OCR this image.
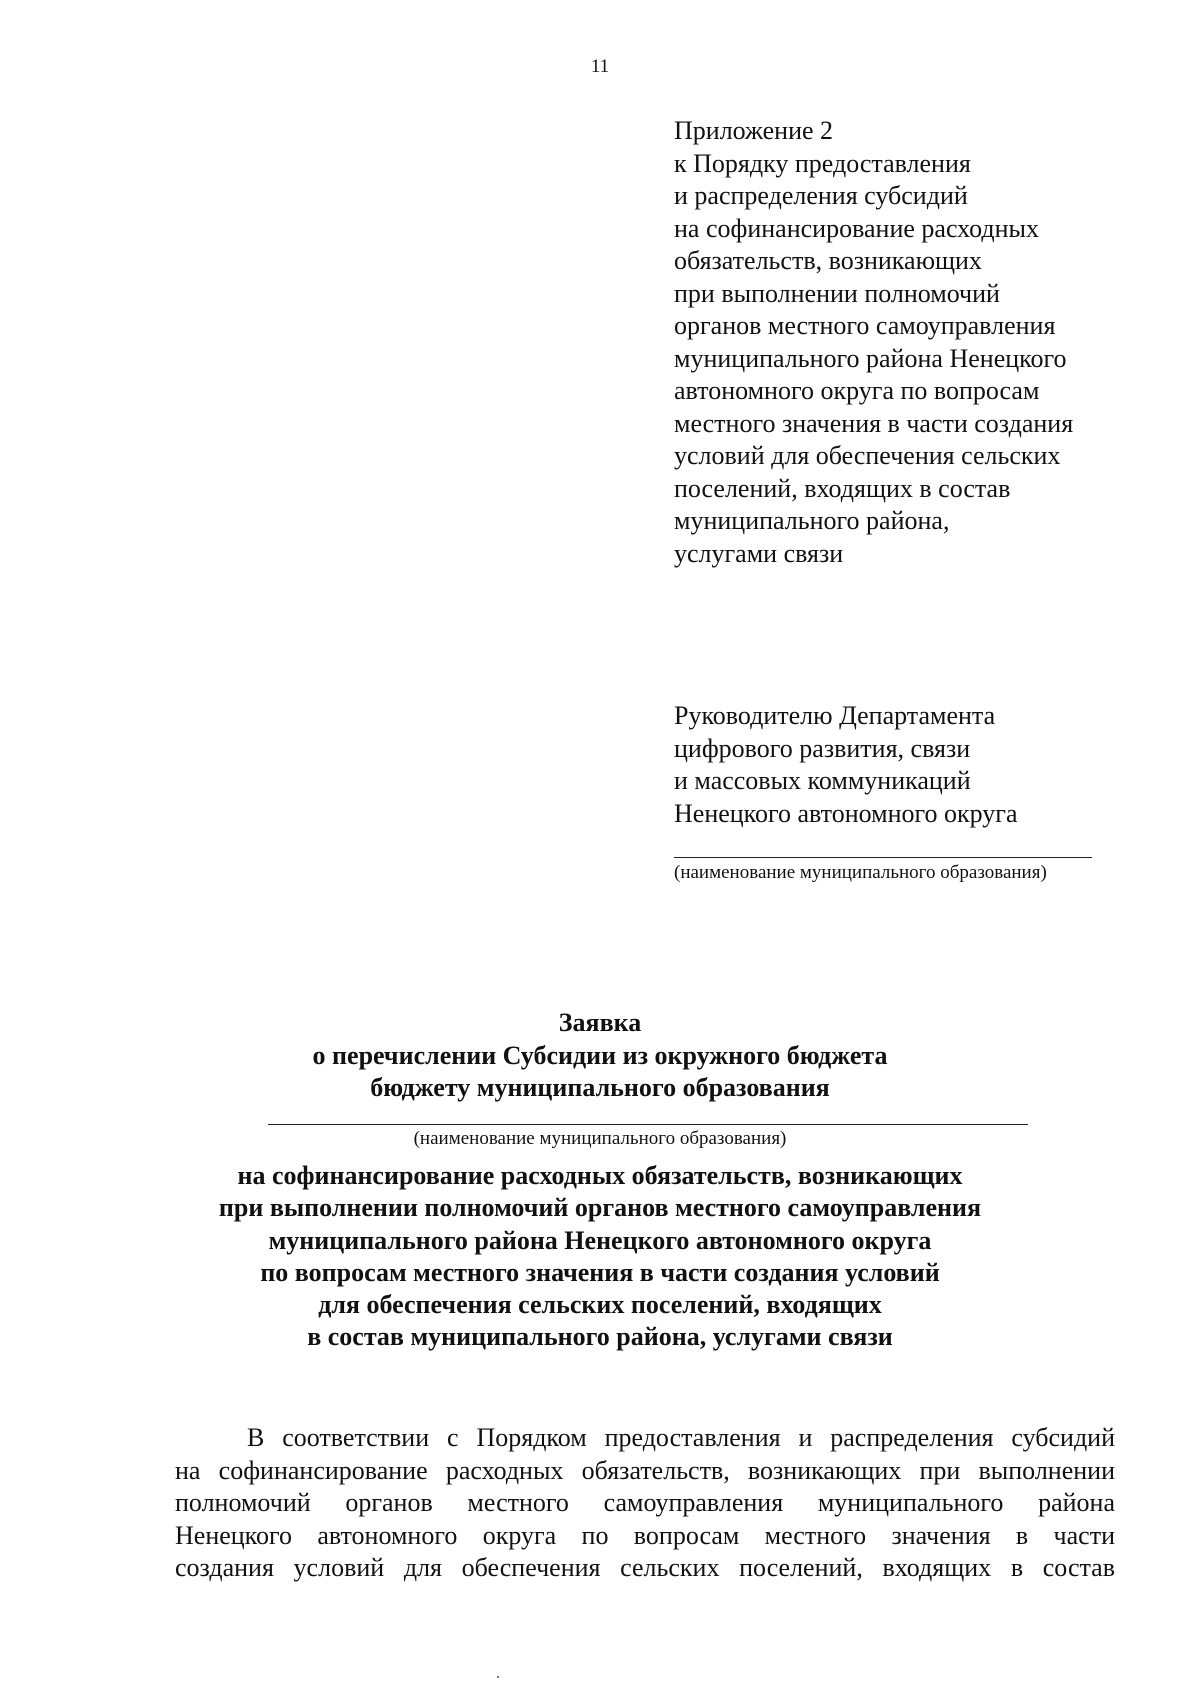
11
Приложение 2
к Порядку предоставления
и распределения субсидий
на софинансирование расходных
обязательств, возникающих
при выполнении полномочий
органов местного самоуправления
муниципального района Ненецкого
автономного округа по вопросам
местного значения в части создания
условий для обеспечения сельских
поселений, входящих в состав
муниципального района,
услугами связи
Руководителю Департамента
цифрового развития, связи
и массовых коммуникаций
Ненецкого автономного округа
(наименование муниципального образования)
Заявка
о перечислении Субсидии из окружного бюджета
бюджету муниципального образования
(наименование муниципального образования)
на софинансирование расходных обязательств, возникающих
при выполнении полномочий органов местного самоуправления
муниципального района Ненецкого автономного округа
по вопросам местного значения в части создания условий
для обеспечения сельских поселений, входящих
в состав муниципального района, услугами связи
В соответствии с Порядком предоставления и распределения субсидий
на софинансирование расходных обязательств, возникающих при выполнении
полномочий органов местного самоуправления муниципального района
Ненецкого автономного округа по вопросам местного значения в части
создания условий для обеспечения сельских поселений, входящих в состав
